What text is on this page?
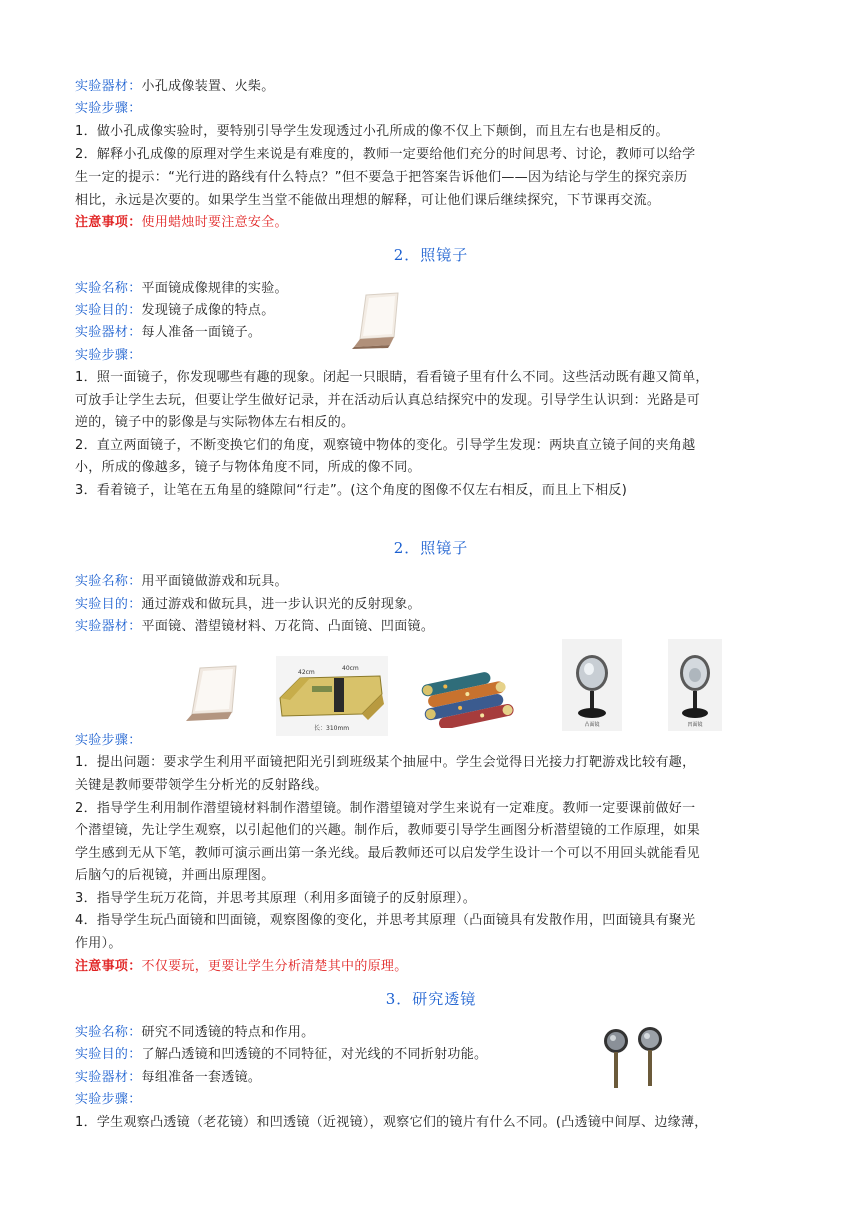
实验器材：小孔成像装置、火柴。
实验步骤：
1．做小孔成像实验时，要特别引导学生发现透过小孔所成的像不仅上下颠倒，而且左右也是相反的。
2．解释小孔成像的原理对学生来说是有难度的，教师一定要给他们充分的时间思考、讨论，教师可以给学
生一定的提示：“光行进的路线有什么特点？”但不要急于把答案告诉他们——因为结论与学生的探究亲历
相比，永远是次要的。如果学生当堂不能做出理想的解释，可让他们课后继续探究，下节课再交流。
注意事项：使用蜡烛时要注意安全。
2．照镜子
实验名称：平面镜成像规律的实验。
实验目的：发现镜子成像的特点。
实验器材：每人准备一面镜子。
实验步骤：
1．照一面镜子，你发现哪些有趣的现象。闭起一只眼睛，看看镜子里有什么不同。这些活动既有趣又简单，
可放手让学生去玩，但要让学生做好记录，并在活动后认真总结探究中的发现。引导学生认识到：光路是可
逆的，镜子中的影像是与实际物体左右相反的。
2．直立两面镜子，不断变换它们的角度，观察镜中物体的变化。引导学生发现：两块直立镜子间的夹角越
小，所成的像越多，镜子与物体角度不同，所成的像不同。
3．看着镜子，让笔在五角星的缝隙间“行走”。(这个角度的图像不仅左右相反，而且上下相反)
2．照镜子
实验名称：用平面镜做游戏和玩具。
实验目的：通过游戏和做玩具，进一步认识光的反射现象。
实验器材：平面镜、潜望镜材料、万花筒、凸面镜、凹面镜。
实验步骤：
1．提出问题：要求学生利用平面镜把阳光引到班级某个抽屉中。学生会觉得日光接力打靶游戏比较有趣，
关键是教师要带领学生分析光的反射路线。
2．指导学生利用制作潜望镜材料制作潜望镜。制作潜望镜对学生来说有一定难度。教师一定要课前做好一
个潜望镜，先让学生观察，以引起他们的兴趣。制作后，教师要引导学生画图分析潜望镜的工作原理，如果
学生感到无从下笔，教师可演示画出第一条光线。最后教师还可以启发学生设计一个可以不用回头就能看见
后脑勺的后视镜，并画出原理图。
3．指导学生玩万花筒，并思考其原理（利用多面镜子的反射原理）。
4．指导学生玩凸面镜和凹面镜，观察图像的变化，并思考其原理（凸面镜具有发散作用，凹面镜具有聚光
作用）。
注意事项：不仅要玩，更要让学生分析清楚其中的原理。
3．研究透镜
实验名称：研究不同透镜的特点和作用。
实验目的：了解凸透镜和凹透镜的不同特征，对光线的不同折射功能。
实验器材：每组准备一套透镜。
实验步骤：
1．学生观察凸透镜（老花镜）和凹透镜（近视镜），观察它们的镜片有什么不同。(凸透镜中间厚、边缘薄，
42cm
40cm
长：310mm	凸面镜	凹面镜
